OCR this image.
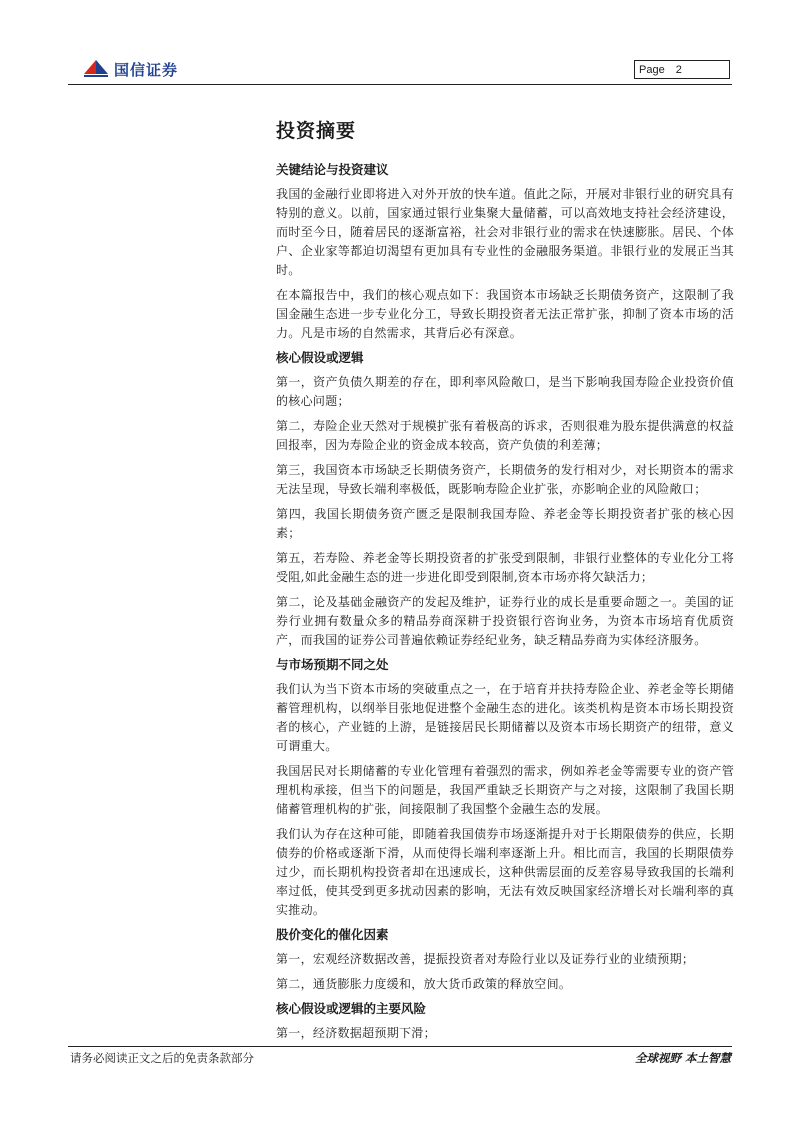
国信证券	Page 2
投资摘要
关键结论与投资建议

我国的金融行业即将进入对外开放的快车道。值此之际，开展对非银行业的研究具有特别的意义。以前，国家通过银行业集聚大量储蓄，可以高效地支持社会经济建设，而时至今日，随着居民的逐渐富裕，社会对非银行业的需求在快速膨胀。居民、个体户、企业家等都迫切渴望有更加具有专业性的金融服务渠道。非银行业的发展正当其时。

在本篇报告中，我们的核心观点如下：我国资本市场缺乏长期债务资产，这限制了我国金融生态进一步专业化分工，导致长期投资者无法正常扩张，抑制了资本市场的活力。凡是市场的自然需求，其背后必有深意。

核心假设或逻辑

第一，资产负债久期差的存在，即利率风险敞口，是当下影响我国寿险企业投资价值的核心问题；

第二，寿险企业天然对于规模扩张有着极高的诉求，否则很难为股东提供满意的权益回报率，因为寿险企业的资金成本较高，资产负债的利差薄；

第三，我国资本市场缺乏长期债务资产，长期债务的发行相对少，对长期资本的需求无法呈现，导致长端利率极低，既影响寿险企业扩张，亦影响企业的风险敞口；

第四，我国长期债务资产匮乏是限制我国寿险、养老金等长期投资者扩张的核心因素；

第五，若寿险、养老金等长期投资者的扩张受到限制，非银行业整体的专业化分工将受阻,如此金融生态的进一步进化即受到限制,资本市场亦将欠缺活力；

第二，论及基础金融资产的发起及维护，证券行业的成长是重要命题之一。美国的证券行业拥有数量众多的精品券商深耕于投资银行咨询业务，为资本市场培育优质资产，而我国的证券公司普遍依赖证券经纪业务，缺乏精品券商为实体经济服务。

与市场预期不同之处

我们认为当下资本市场的突破重点之一，在于培育并扶持寿险企业、养老金等长期储蓄管理机构，以纲举目张地促进整个金融生态的进化。该类机构是资本市场长期投资者的核心，产业链的上游，是链接居民长期储蓄以及资本市场长期资产的纽带，意义可谓重大。

我国居民对长期储蓄的专业化管理有着强烈的需求，例如养老金等需要专业的资产管理机构承接，但当下的问题是，我国严重缺乏长期资产与之对接，这限制了我国长期储蓄管理机构的扩张，间接限制了我国整个金融生态的发展。

我们认为存在这种可能，即随着我国债券市场逐渐提升对于长期限债券的供应，长期债券的价格或逐渐下滑，从而使得长端利率逐渐上升。相比而言，我国的长期限债券过少，而长期机构投资者却在迅速成长，这种供需层面的反差容易导致我国的长端利率过低，使其受到更多扰动因素的影响，无法有效反映国家经济增长对长端利率的真实推动。

股价变化的催化因素

第一，宏观经济数据改善，提振投资者对寿险行业以及证券行业的业绩预期；

第二，通货膨胀力度缓和，放大货币政策的释放空间。

核心假设或逻辑的主要风险

第一，经济数据超预期下滑；

请务必阅读正文之后的免责条款部分	全球视野 本土智慧
